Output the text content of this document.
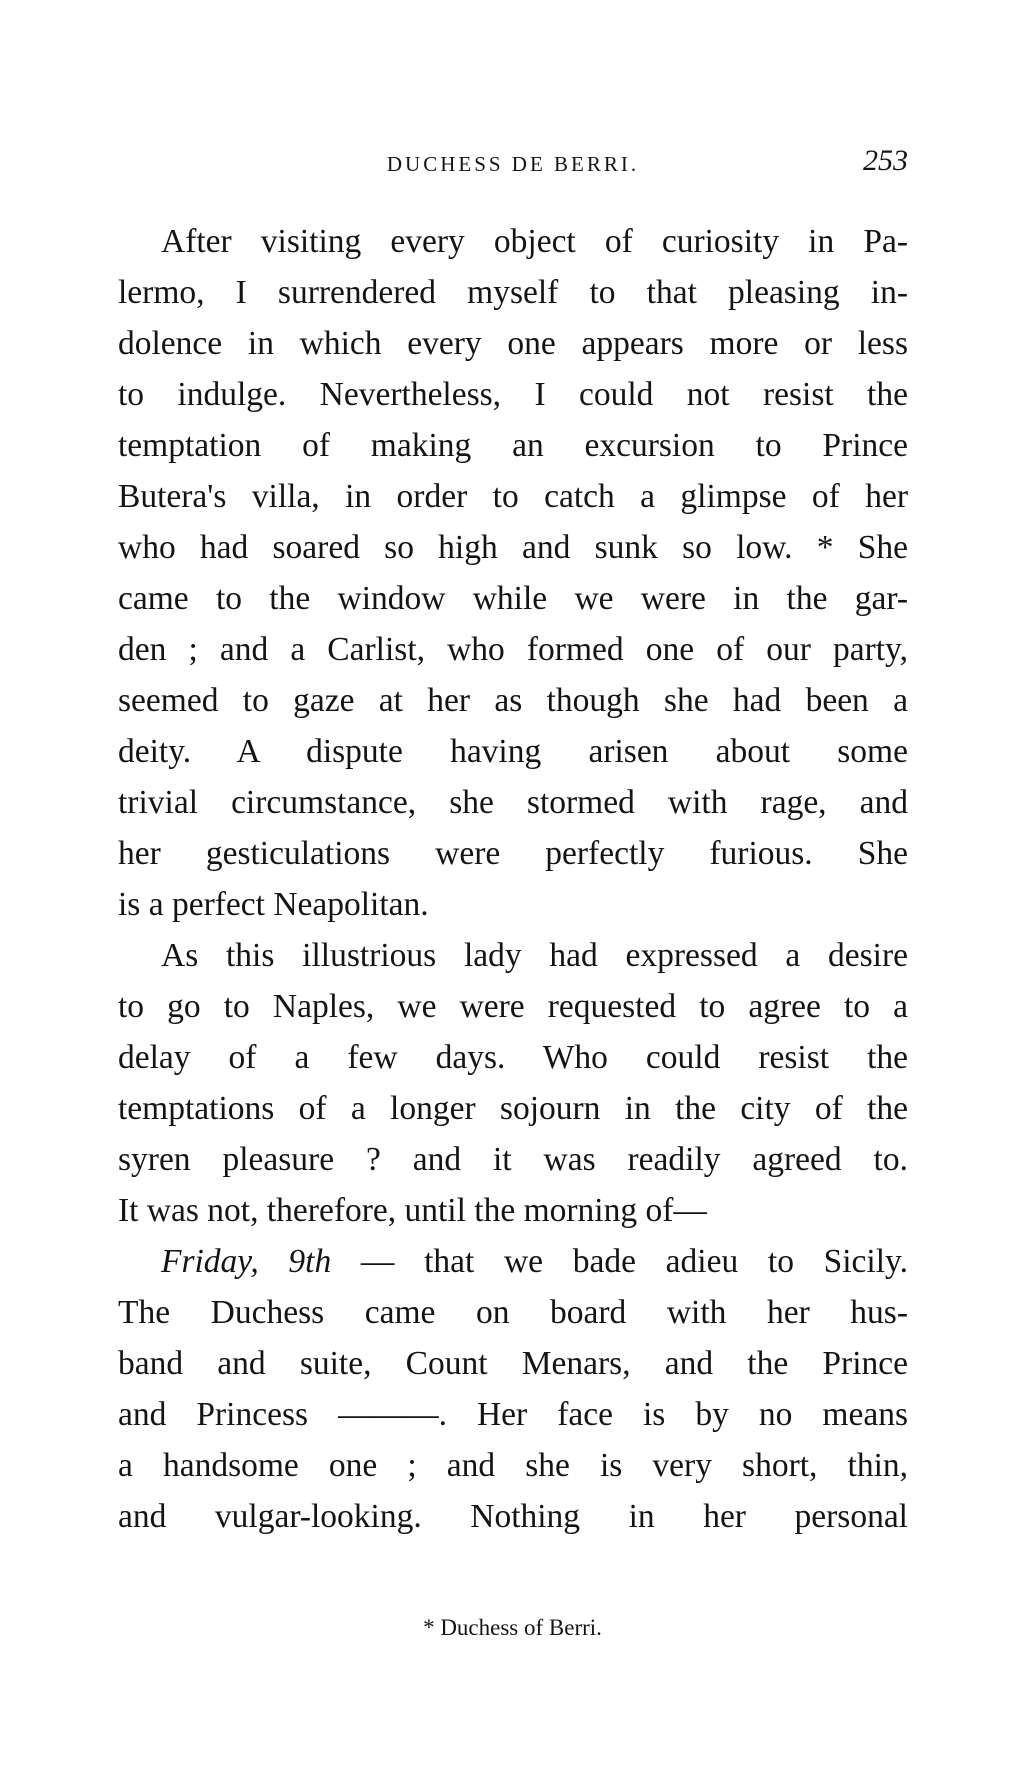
DUCHESS DE BERRI.	253
After visiting every object of curiosity in Pa-
lermo, I surrendered myself to that pleasing in-
dolence in which every one appears more or less
to indulge. Nevertheless, I could not resist the
temptation of making an excursion to Prince
Butera's villa, in order to catch a glimpse of her
who had soared so high and sunk so low. * She
came to the window while we were in the gar-
den ; and a Carlist, who formed one of our party,
seemed to gaze at her as though she had been a
deity. A dispute having arisen about some
trivial circumstance, she stormed with rage, and
her gesticulations were perfectly furious. She
is a perfect Neapolitan.
As this illustrious lady had expressed a desire
to go to Naples, we were requested to agree to a
delay of a few days. Who could resist the
temptations of a longer sojourn in the city of the
syren pleasure ? and it was readily agreed to.
It was not, therefore, until the morning of—
Friday, 9th — that we bade adieu to Sicily.
The Duchess came on board with her hus-
band and suite, Count Menars, and the Prince
and Princess ———. Her face is by no means
a handsome one ; and she is very short, thin,
and vulgar-looking. Nothing in her personal
* Duchess of Berri.
